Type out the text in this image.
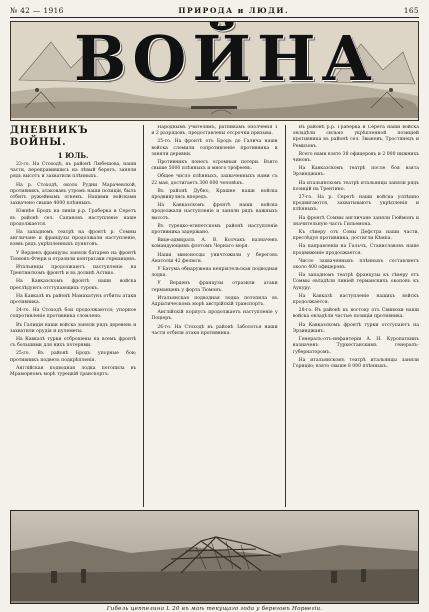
№ 42 — 1916	ПРИРОДА и ЛЮДИ.	165
ВОЙНА

ДНЕВНИКЪ ВОЙНЫ.

1 ЮЛЬ.

23-го. На Стоходѣ, въ районѣ Любешова, наши части, переправившись на лѣвый берегъ, заняли рядъ высотъ и захватили плѣнныхъ.

На р. Стоходѣ, около Рудни Марачевской, противникъ, атаковавъ утромъ наши позиціи, былъ отбитъ ружейнымъ огнемъ. Нашими войсками захвачено свыше 4000 плѣнныхъ.

Южнѣе Бродъ на линіи р.р. Граберка и Серетъ въ районѣ сел. Сапановъ наступленіе наше продолжается.

На западномъ театрѣ на фронтѣ р. Соммы англичане и французы продолжали наступленіе, взявъ рядъ укрѣпленныхъ пунктовъ.

У Верденъ французы заняли батарею на фронтѣ Тіомонъ-Флери и отразили контратаки германцевъ.

Итальянцы продолжаютъ наступленіе на Трентинскомъ фронтѣ и въ долинѣ Астико.

На Кавказскомъ фронтѣ наши войска преслѣдуютъ отступающихъ турокъ.

На Кавказѣ въ районѣ Мамахатунъ отбиты атаки противника.

24-го. На Стоходѣ бои продолжаются; упорное сопротивленіе противника сломлено.

Въ Галиціи наши войска заняли рядъ деревень и захватили орудія и пулеметы.

На Кавказѣ турки отброшены на всемъ фронтѣ съ большими для нихъ потерями.

25-го. Въ районѣ Бродъ упорные бои; противникъ подвезъ подкрѣпленія.

Англійская подводная лодка потопила въ Мраморномъ морѣ турецкій транспортъ.

Народнымъ учителямъ, ратникамъ ополченія 1 и 2 разрядовъ, предоставлены отсрочки призыва.

25-го. На фронтѣ отъ Бродъ до Галича наши войска сломили сопротивленіе противника и заняли деревни.

Противникъ понесъ огромныя потери. Взято свыше 5000 плѣнныхъ и много трофеевъ.

Общее число плѣнныхъ, захваченныхъ нами съ 22 мая, достигаетъ 300 000 человѣкъ.

Въ районѣ Дубно, Крашне наши войска продвинулись впередъ.

На Кавказскомъ фронтѣ наши войска продолжали наступленіе и заняли рядъ важныхъ высотъ.

Въ турецко-египетскомъ районѣ наступленіе противника задержано.

Вице-адмиралъ А. В. Колчакъ назначенъ командующимъ флотомъ Чернаго моря.

Наши миноносцы уничтожили у береговъ Анатоліи 42 фелюги.

У Батума обнаружена непріятельская подводная лодка.

У Верденъ французы отразили атаки германцевъ у форта Тіомонъ.

Итальянская подводная лодка потопила въ Адріатическомъ морѣ австрійскій транспортъ.

Англійскій корпусъ продолжаетъ наступленіе у Поціеръ.

26-го. На Стоходѣ въ районѣ Заболотья наши части отбили атаки противника.

Въ районѣ р.р. Граберка и Серета наши войска овладѣли сильно укрѣпленной позиціей противника въ районѣ сел. Звыневъ, Тростянецъ и Ремизовъ.

Всего нами взято 38 офицеровъ и 2 000 нижнихъ чиновъ.

На Кавказскомъ театрѣ после боя взята Эрзинджанъ.

На итальянскомъ театрѣ итальянцы заняли рядъ позицій на Трентино.

27-го. На р. Серетѣ наши войска успѣшно продвигаются, захватываютъ укрѣпленія и плѣнныхъ.

На фронтѣ Соммы англичане заняли Гюймонъ и значительную часть Гильемона.

Къ сѣверу отъ Сомы Дефстра наши части, преслѣдуя противника, достигли Кѣмпа.

На направленіи на Гальчъ, Станиславовъ наше продвиженіе продолжается.

Число захваченныхъ плѣнныхъ составляетъ около 400 офицеровъ.

На западномъ театрѣ французы къ сѣверу отъ Соммы овладѣли линіей германскихъ окоповъ къ Аукуру.

На Кавказѣ наступленіе нашихъ войскъ продолжается.

28-го. Въ районѣ къ востоку отъ Свинюхи наши войска овладѣли частью позиціи противника.

На Кавказскомъ фронтѣ турки отступаютъ на Эрзинджанъ.

Генералъ-отъ-инфантеріи А. Н. Куропаткинъ назначенъ Туркестанскимъ генералъ-губернаторомъ.

На итальянскомъ театрѣ итальянцы заняли Горицію; взято свыше 8 000 плѣнныхъ.

Гибель цеппелина L 20 въ маѣ текущаго года у береговъ Норвегіи.
